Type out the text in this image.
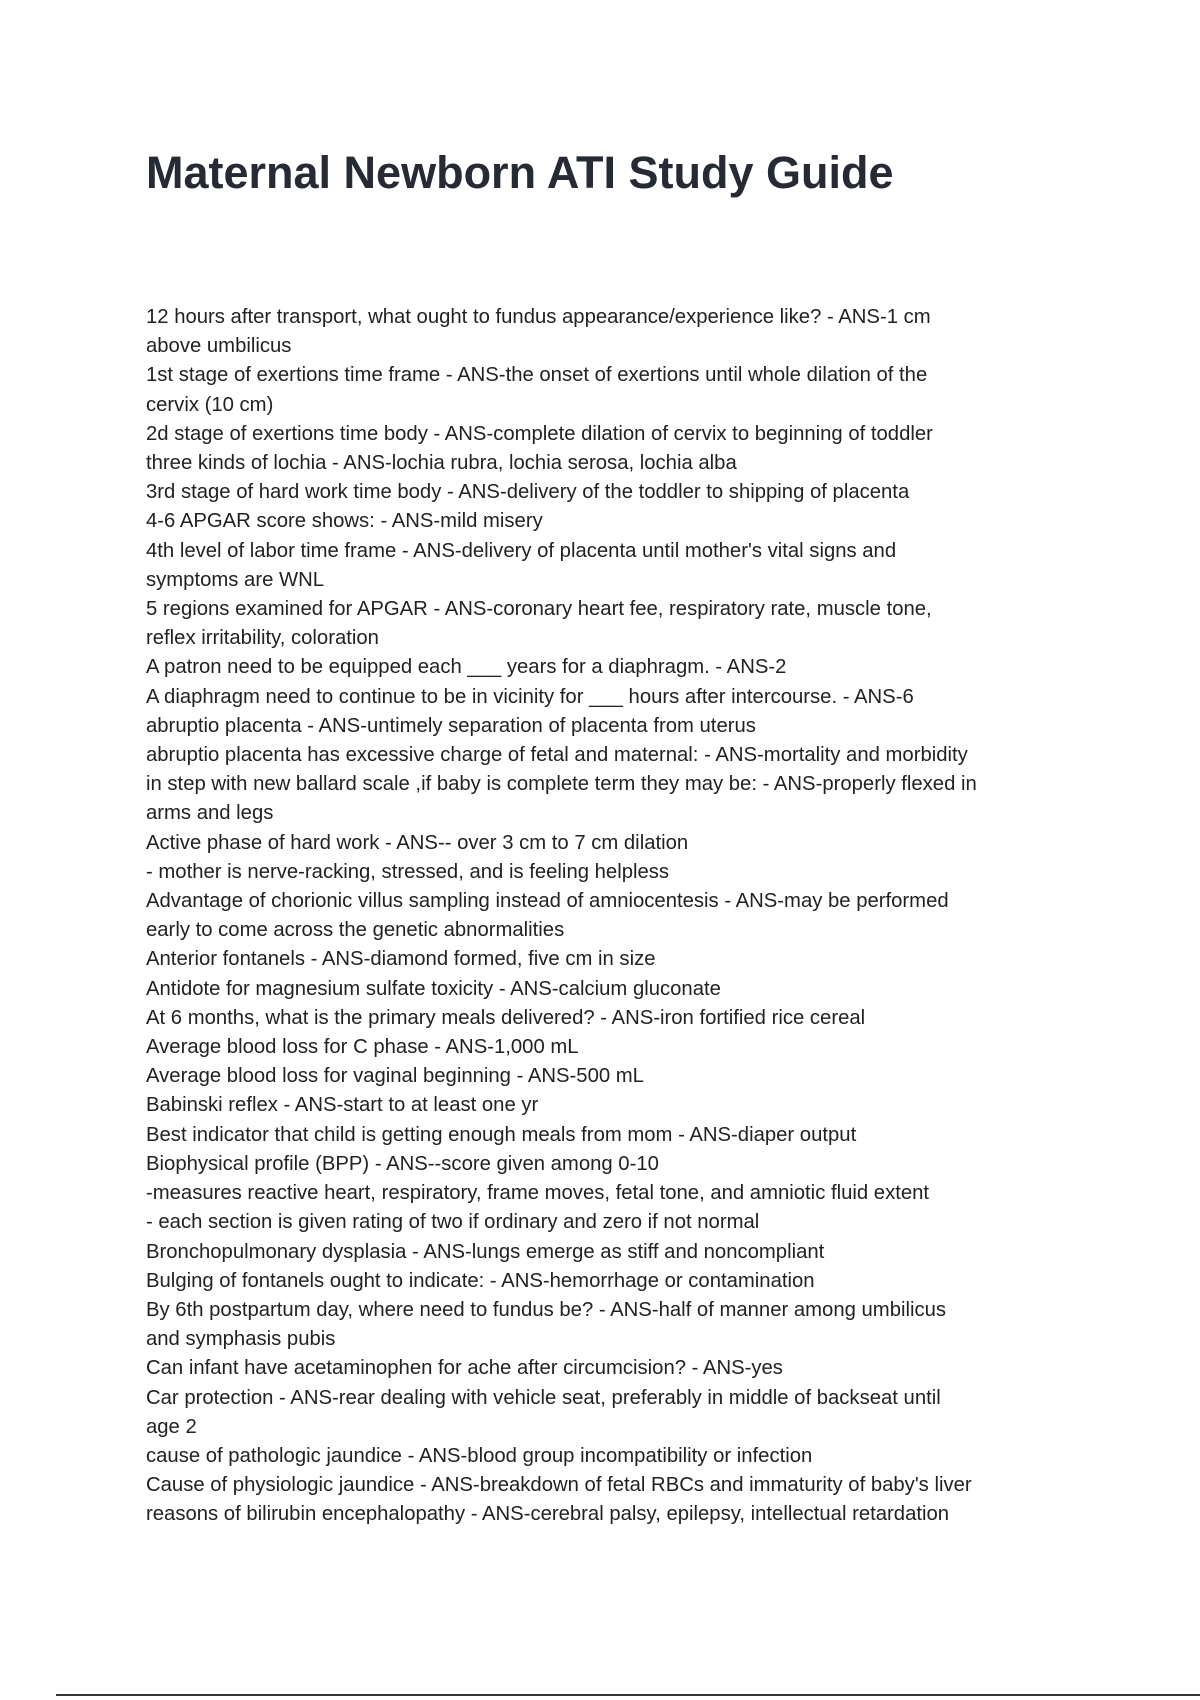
Maternal Newborn ATI Study Guide
12 hours after transport, what ought to fundus appearance/experience like? - ANS-1 cm
above umbilicus
1st stage of exertions time frame - ANS-the onset of exertions until whole dilation of the
cervix (10 cm)
2d stage of exertions time body - ANS-complete dilation of cervix to beginning of toddler
three kinds of lochia - ANS-lochia rubra, lochia serosa, lochia alba
3rd stage of hard work time body - ANS-delivery of the toddler to shipping of placenta
4-6 APGAR score shows: - ANS-mild misery
4th level of labor time frame - ANS-delivery of placenta until mother's vital signs and
symptoms are WNL
5 regions examined for APGAR - ANS-coronary heart fee, respiratory rate, muscle tone,
reflex irritability, coloration
A patron need to be equipped each ___ years for a diaphragm. - ANS-2
A diaphragm need to continue to be in vicinity for ___ hours after intercourse. - ANS-6
abruptio placenta - ANS-untimely separation of placenta from uterus
abruptio placenta has excessive charge of fetal and maternal: - ANS-mortality and morbidity
in step with new ballard scale ,if baby is complete term they may be: - ANS-properly flexed in
arms and legs
Active phase of hard work - ANS-- over 3 cm to 7 cm dilation
- mother is nerve-racking, stressed, and is feeling helpless
Advantage of chorionic villus sampling instead of amniocentesis - ANS-may be performed
early to come across the genetic abnormalities
Anterior fontanels - ANS-diamond formed, five cm in size
Antidote for magnesium sulfate toxicity - ANS-calcium gluconate
At 6 months, what is the primary meals delivered? - ANS-iron fortified rice cereal
Average blood loss for C phase - ANS-1,000 mL
Average blood loss for vaginal beginning - ANS-500 mL
Babinski reflex - ANS-start to at least one yr
Best indicator that child is getting enough meals from mom - ANS-diaper output
Biophysical profile (BPP) - ANS--score given among 0-10
-measures reactive heart, respiratory, frame moves, fetal tone, and amniotic fluid extent
- each section is given rating of two if ordinary and zero if not normal
Bronchopulmonary dysplasia - ANS-lungs emerge as stiff and noncompliant
Bulging of fontanels ought to indicate: - ANS-hemorrhage or contamination
By 6th postpartum day, where need to fundus be? - ANS-half of manner among umbilicus
and symphasis pubis
Can infant have acetaminophen for ache after circumcision? - ANS-yes
Car protection - ANS-rear dealing with vehicle seat, preferably in middle of backseat until
age 2
cause of pathologic jaundice - ANS-blood group incompatibility or infection
Cause of physiologic jaundice - ANS-breakdown of fetal RBCs and immaturity of baby's liver
reasons of bilirubin encephalopathy - ANS-cerebral palsy, epilepsy, intellectual retardation
